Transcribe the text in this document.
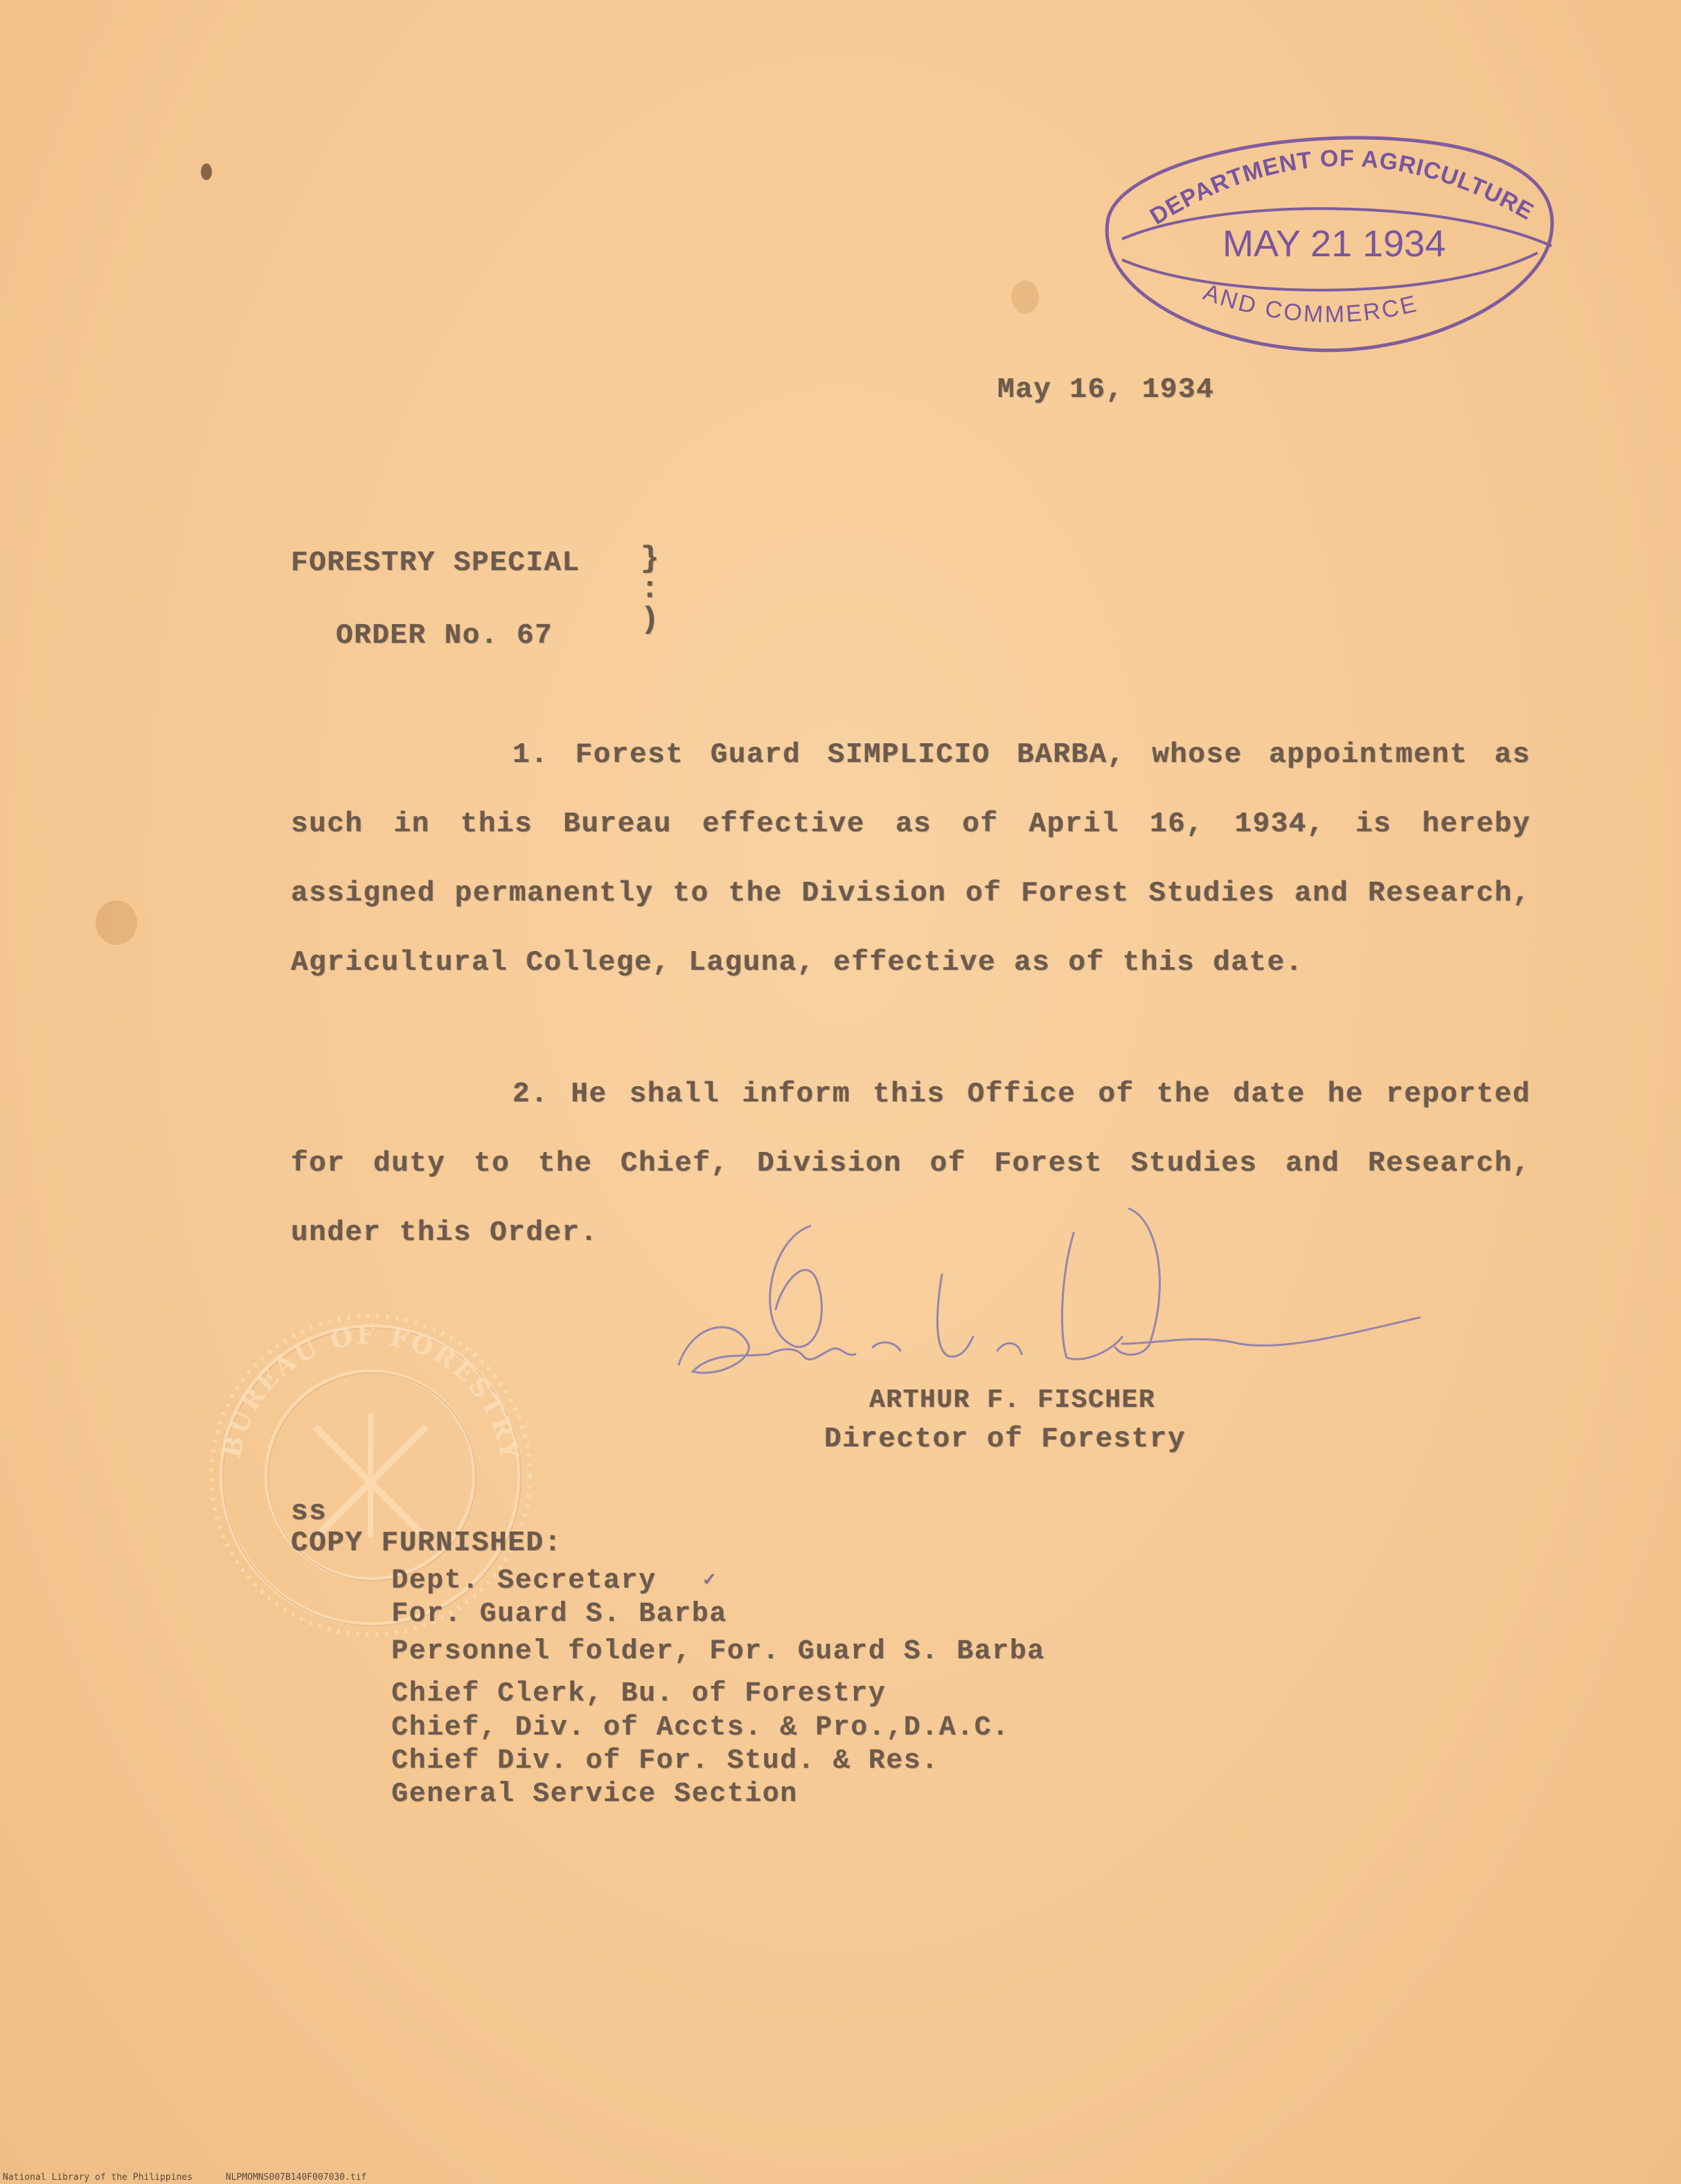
DEPARTMENT OF AGRICULTURE
MAY 21 1934
AND COMMERCE
May 16, 1934
FORESTRY SPECIAL }
:
)
ORDER No. 67
1. Forest Guard SIMPLICIO BARBA, whose appointment as such in this Bureau effective as of April 16, 1934, is hereby assigned permanently to the Division of Forest Studies and Research, Agricultural College, Laguna, effective as of this date.
2. He shall inform this Office of the date he reported for duty to the Chief, Division of Forest Studies and Research, under this Order.
BUREAU OF FORESTRY
ARTHUR F. FISCHER
Director of Forestry
ss
COPY FURNISHED:
Dept. Secretary ✓
For. Guard S. Barba
Personnel folder, For. Guard S. Barba
Chief Clerk, Bu. of Forestry
Chief, Div. of Accts. & Pro.,D.A.C.
Chief Div. of For. Stud. & Res.
General Service Section
National Library of the Philippines	NLPMOMNS007B140F007030.tif
